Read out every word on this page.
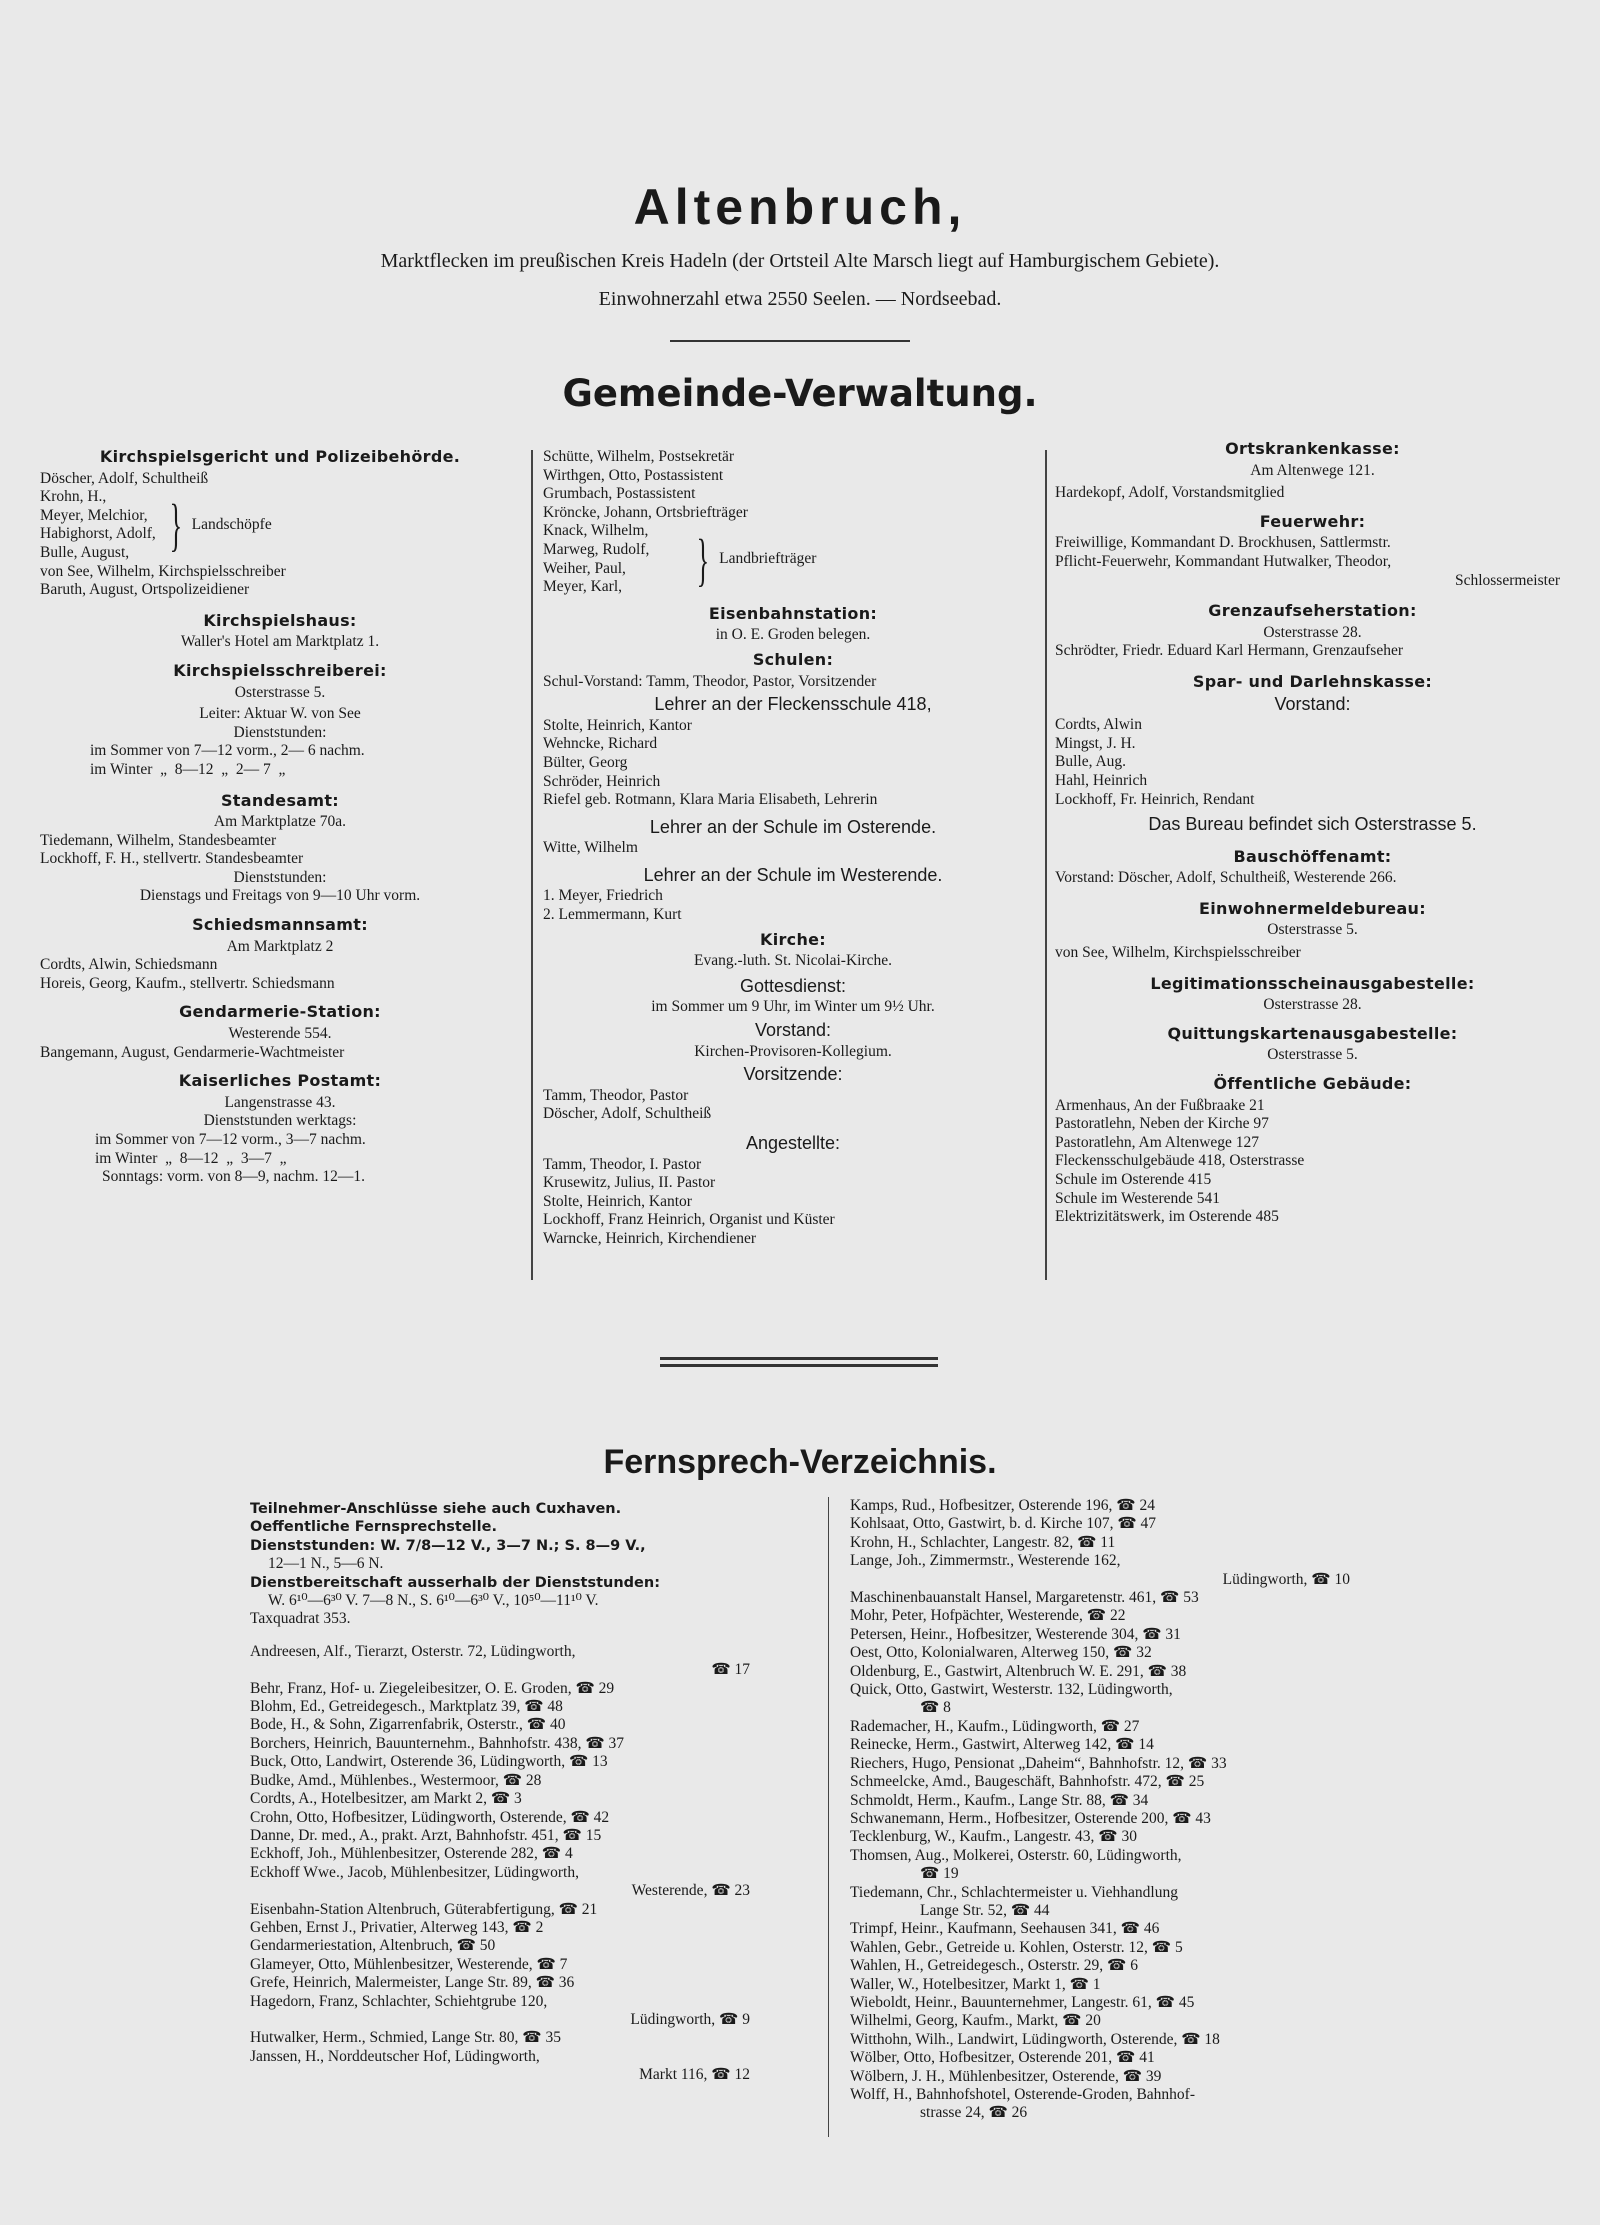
Altenbruch,
Marktflecken im preußischen Kreis Hadeln (der Ortsteil Alte Marsch liegt auf Hamburgischem Gebiete).
Einwohnerzahl etwa 2550 Seelen. — Nordseebad.
Gemeinde-Verwaltung.
Kirchspielsgericht und Polizeibehörde.
Döscher, Adolf, Schultheiß
Krohn, H.,
Meyer, Melchior,
Habighorst, Adolf,
Bulle, August, } Landschöpfe
von See, Wilhelm, Kirchspielsschreiber
Baruth, August, Ortspolizeidiener
Kirchspielshaus:
Waller's Hotel am Marktplatz 1.
Kirchspielsschreiberei:
Osterstrasse 5.
Leiter: Aktuar W. von See
Dienststunden:
im Sommer von 7—12 vorm., 2— 6 nachm.
im Winter  „  8—12  „  2— 7  „
Standesamt:
Am Marktplatze 70a.
Tiedemann, Wilhelm, Standesbeamter
Lockhoff, F. H., stellvertr. Standesbeamter
Dienststunden:
Dienstags und Freitags von 9—10 Uhr vorm.
Schiedsmannsamt:
Am Marktplatz 2
Cordts, Alwin, Schiedsmann
Horeis, Georg, Kaufm., stellvertr. Schiedsmann
Gendarmerie-Station:
Westerende 554.
Bangemann, August, Gendarmerie-Wachtmeister
Kaiserliches Postamt:
Langenstrasse 43.
Dienststunden werktags:
im Sommer von 7—12 vorm., 3—7 nachm.
im Winter  „  8—12  „  3—7  „
Sonntags: vorm. von 8—9, nachm. 12—1.
Schütte, Wilhelm, Postsekretär
Wirthgen, Otto, Postassistent
Grumbach, Postassistent
Kröncke, Johann, Ortsbriefträger
Knack, Wilhelm,
Marweg, Rudolf,
Weiher, Paul,
Meyer, Karl,	} Landbriefträger
Eisenbahnstation:
in O. E. Groden belegen.
Schulen:
Schul-Vorstand: Tamm, Theodor, Pastor, Vorsitzender
Lehrer an der Fleckensschule 418,
Stolte, Heinrich, Kantor
Wehncke, Richard
Bülter, Georg
Schröder, Heinrich
Riefel geb. Rotmann, Klara Maria Elisabeth, Lehrerin
Lehrer an der Schule im Osterende.
Witte, Wilhelm
Lehrer an der Schule im Westerende.
1. Meyer, Friedrich
2. Lemmermann, Kurt
Kirche:
Evang.-luth. St. Nicolai-Kirche.
Gottesdienst:
im Sommer um 9 Uhr, im Winter um 9½ Uhr.
Vorstand:
Kirchen-Provisoren-Kollegium.
Vorsitzende:
Tamm, Theodor, Pastor
Döscher, Adolf, Schultheiß
Angestellte:
Tamm, Theodor, I. Pastor
Krusewitz, Julius, II. Pastor
Stolte, Heinrich, Kantor
Lockhoff, Franz Heinrich, Organist und Küster
Warncke, Heinrich, Kirchendiener
Ortskrankenkasse:
Am Altenwege 121.
Hardekopf, Adolf, Vorstandsmitglied
Feuerwehr:
Freiwillige, Kommandant D. Brockhusen, Sattlermstr.
Pflicht-Feuerwehr, Kommandant Hutwalker, Theodor,
Schlossermeister
Grenzaufseherstation:
Osterstrasse 28.
Schrödter, Friedr. Eduard Karl Hermann, Grenzaufseher
Spar- und Darlehnskasse:
Vorstand:
Cordts, Alwin
Mingst, J. H.
Bulle, Aug.
Hahl, Heinrich
Lockhoff, Fr. Heinrich, Rendant
Das Bureau befindet sich Osterstrasse 5.
Bauschöffenamt:
Vorstand: Döscher, Adolf, Schultheiß, Westerende 266.
Einwohnermeldebureau:
Osterstrasse 5.
von See, Wilhelm, Kirchspielsschreiber
Legitimationsscheinausgabestelle:
Osterstrasse 28.
Quittungskartenausgabestelle:
Osterstrasse 5.
Öffentliche Gebäude:
Armenhaus, An der Fußbraake 21
Pastoratlehn, Neben der Kirche 97
Pastoratlehn, Am Altenwege 127
Fleckensschulgebäude 418, Osterstrasse
Schule im Osterende 415
Schule im Westerende 541
Elektrizitätswerk, im Osterende 485
Fernsprech-Verzeichnis.
Teilnehmer-Anschlüsse siehe auch Cuxhaven.
Oeffentliche Fernsprechstelle.
Dienststunden: W. 7/8—12 V., 3—7 N.; S. 8—9 V.,
12—1 N., 5—6 N.
Dienstbereitschaft ausserhalb der Dienststunden:
W. 6¹⁰—6³⁰ V. 7—8 N., S. 6¹⁰—6³⁰ V., 10⁵⁰—11¹⁰ V.
Taxquadrat 353.
Andreesen, Alf., Tierarzt, Osterstr. 72, Lüdingworth,
☎ 17
Behr, Franz, Hof- u. Ziegeleibesitzer, O. E. Groden, ☎ 29
Blohm, Ed., Getreidegesch., Marktplatz 39, ☎ 48
Bode, H., & Sohn, Zigarrenfabrik, Osterstr., ☎ 40
Borchers, Heinrich, Bauunternehm., Bahnhofstr. 438, ☎ 37
Buck, Otto, Landwirt, Osterende 36, Lüdingworth, ☎ 13
Budke, Amd., Mühlenbes., Westermoor, ☎ 28
Cordts, A., Hotelbesitzer, am Markt 2, ☎ 3
Crohn, Otto, Hofbesitzer, Lüdingworth, Osterende, ☎ 42
Danne, Dr. med., A., prakt. Arzt, Bahnhofstr. 451, ☎ 15
Eckhoff, Joh., Mühlenbesitzer, Osterende 282, ☎ 4
Eckhoff Wwe., Jacob, Mühlenbesitzer, Lüdingworth,
Westerende, ☎ 23
Eisenbahn-Station Altenbruch, Güterabfertigung, ☎ 21
Gehben, Ernst J., Privatier, Alterweg 143, ☎ 2
Gendarmeriestation, Altenbruch, ☎ 50
Glameyer, Otto, Mühlenbesitzer, Westerende, ☎ 7
Grefe, Heinrich, Malermeister, Lange Str. 89, ☎ 36
Hagedorn, Franz, Schlachter, Schiehtgrube 120,
Lüdingworth, ☎ 9
Hutwalker, Herm., Schmied, Lange Str. 80, ☎ 35
Janssen, H., Norddeutscher Hof, Lüdingworth,
Markt 116, ☎ 12
Kamps, Rud., Hofbesitzer, Osterende 196, ☎ 24
Kohlsaat, Otto, Gastwirt, b. d. Kirche 107, ☎ 47
Krohn, H., Schlachter, Langestr. 82, ☎ 11
Lange, Joh., Zimmermstr., Westerende 162,
Lüdingworth, ☎ 10
Maschinenbauanstalt Hansel, Margaretenstr. 461, ☎ 53
Mohr, Peter, Hofpächter, Westerende, ☎ 22
Petersen, Heinr., Hofbesitzer, Westerende 304, ☎ 31
Oest, Otto, Kolonialwaren, Alterweg 150, ☎ 32
Oldenburg, E., Gastwirt, Altenbruch W. E. 291, ☎ 38
Quick, Otto, Gastwirt, Westerstr. 132, Lüdingworth,
☎ 8
Rademacher, H., Kaufm., Lüdingworth, ☎ 27
Reinecke, Herm., Gastwirt, Alterweg 142, ☎ 14
Riechers, Hugo, Pensionat „Daheim“, Bahnhofstr. 12, ☎ 33
Schmeelcke, Amd., Baugeschäft, Bahnhofstr. 472, ☎ 25
Schmoldt, Herm., Kaufm., Lange Str. 88, ☎ 34
Schwanemann, Herm., Hofbesitzer, Osterende 200, ☎ 43
Tecklenburg, W., Kaufm., Langestr. 43, ☎ 30
Thomsen, Aug., Molkerei, Osterstr. 60, Lüdingworth,
☎ 19
Tiedemann, Chr., Schlachtermeister u. Viehhandlung
Lange Str. 52, ☎ 44
Trimpf, Heinr., Kaufmann, Seehausen 341, ☎ 46
Wahlen, Gebr., Getreide u. Kohlen, Osterstr. 12, ☎ 5
Wahlen, H., Getreidegesch., Osterstr. 29, ☎ 6
Waller, W., Hotelbesitzer, Markt 1, ☎ 1
Wieboldt, Heinr., Bauunternehmer, Langestr. 61, ☎ 45
Wilhelmi, Georg, Kaufm., Markt, ☎ 20
Witthohn, Wilh., Landwirt, Lüdingworth, Osterende, ☎ 18
Wölber, Otto, Hofbesitzer, Osterende 201, ☎ 41
Wölbern, J. H., Mühlenbesitzer, Osterende, ☎ 39
Wolff, H., Bahnhofshotel, Osterende-Groden, Bahnhof-
strasse 24, ☎ 26
